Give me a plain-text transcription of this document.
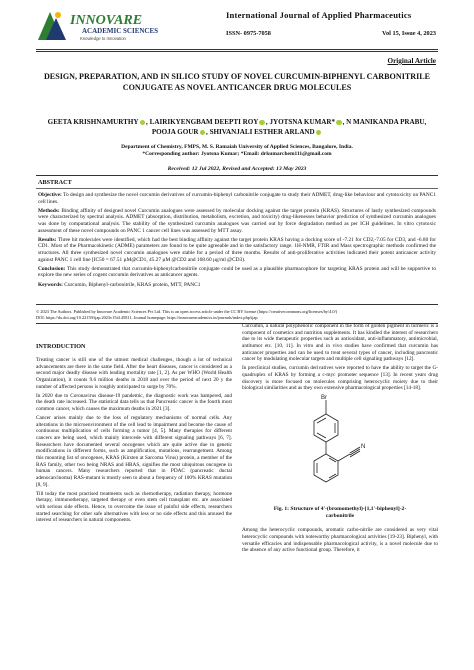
INNOVARE
ACADEMIC SCIENCES
Knowledge to Innovation
International Journal of Applied Pharmaceutics
ISSN- 0975-7058	Vol 15, Issue 4, 2023
Original Article
DESIGN, PREPARATION, AND IN SILICO STUDY OF NOVEL CURCUMIN-BIPHENYL CARBONITRILE CONJUGATE AS NOVEL ANTICANCER DRUG MOLECULES
GEETA KRISHNAMURTHY , LAIRIKYENGBAM DEEPTI ROY , JYOTSNA KUMAR* , N MANIKANDA PRABU,
POOJA GOUR , SHIVANJALI ESTHER ARLAND
Department of Chemistry, FMPS, M. S. Ramaiah University of Applied Sciences, Bangalore, India.
*Corresponding author: Jyotsna Kumar; *Email: drkumarchem111@gmail.com
Received: 12 Jul 2022, Revised and Accepted: 13 May 2023
ABSTRACT

Objective: To design and synthesize the novel curcumin derivatives of curcumin-biphenyl carbonitrile conjugate to study their ADMET, drug-like behaviour and cytotoxicity on PANC1 cell lines.

Methods: Binding affinity of designed novel Curcumin analogues were assessed by molecular docking against the target protein (KRAS). Structures of lastly synthesized compounds were characterized by spectral analysis. ADMET (absorption, distribution, metabolism, excretion, and toxicity) drug-likenesses behavior prediction of synthesized curcumin analogues was done by computational analysis. The stability of the synthesized curcumin analogues was carried out by force degradation method as per ICH guidelines. In vitro cytotoxic assessment of these novel compounds on PANC 1 cancer cell lines was assessed by MTT assay.

Results: Three hit molecules were identified, which had the best binding affinity against the target protein KRAS having a docking score of -7.21 for CD2,-7.05 for CD3, and -6.80 for CD1. Most of the Pharmacokinetic (ADME) parameters are found to be quite agreeable and in the satisfactory range. 1H-NMR, FTIR and Mass spectrographic methods confirmed the structures. All three synthesized novel curcumin analogues were stable for a period of three months. Results of anti-proliferative activities indicated their potent anticancer activity against PANC 1 cell line [IC50 = 67.51 µM@CD1, 45.27 µM @CD2 and 168.60 µg/ml @CD3).

Conclusion: This study demonstrated that curcumin-biphenylcarbonitrile conjugate could be used as a plausible pharmacophore for targeting KRAS protein and will be supportive to explore the new series of cogent curcumin derivatives as anticancer agents.

Keywords: Curcumin, Biphenyl-carbonitrile, KRAS protein, MTT, PANC1

© 2023 The Authors. Published by Innovare Academic Sciences Pvt Ltd. This is an open access article under the CC BY license (https://creativecommons.org/licenses/by/4.0/)
DOI: https://dx.doi.org/10.22159/ijap.2023v15i4.45811. Journal homepage: https://innovareacademics.in/journals/index.php/ijap
INTRODUCTION
Treating cancer is still one of the utmost medical challenges, though a lot of technical advancements are there in the same field. After the heart diseases, cancer is considered as a second major deadly disease with leading mortality rate [1, 2]. As per WHO (World Health Organization), it counts 9.6 million deaths in 2018 and over the period of next 20 y the number of affected persons is roughly anticipated to surge by 70%.
In 2020 due to Coronavirus disease-19 pandemic, the diagnostic work was hampered, and the death rate increased. The statistical data tells us that Pancreatic cancer is the fourth most common cancer, which causes the maximum deaths in 2021 [3].
Cancer arises mainly due to the loss of regulatory mechanisms of normal cells. Any alterations in the microenvironment of the cell lead to impairment and become the cause of continuous multiplication of cells forming a tumor [4, 5]. Many therapies for different cancers are being used, which mainly intercede with different signaling pathways [6, 7]. Researchers have documented several oncogenes which are quite active due to genetic modifications in different forms, such as amplification, mutations, rearrangement. Among this mounting list of oncogenes, KRAS (Kirsten at Sarcoma Virus) protein, a member of the RAS family, other two being NRAS and HRAS, signifies the most ubiquitous oncogene in human cancers. Many researchers reported that in PDAC (pancreatic ductal adenocarcinoma) RAS-mutant is mostly seen to about a frequency of 100% KRAS mutation [8, 9].
Till today the most practised treatments such as chemotherapy, radiation therapy, hormone therapy, immunotherapy, targeted therapy or even stem cell transplant etc. are associated with serious side effects. Hence, to overcome the issue of painful side effects, researchers started searching for other safe alternatives with less or no side effects and this aroused the interest of researchers in natural components.
Curcumin, a natural polyphenolic component in the form of golden pigment in turmeric is a component of cosmetics and nutrition supplements. It has kindled the interest of researchers due to its wide therapeutic properties such as antioxidant, anti-inflammatory, antimicrobial, antitumor etc. [10, 11]. In vitro and in vivo studies have confirmed that curcumin has anticancer properties and can be used to treat several types of cancer, including pancreatic cancer by modulating molecular targets and multiple cell signaling pathways [12].
In preclinical studies, curcumin derivatives were reported to have the ability to target the G-quadruplex of KRAS by forming a c-myc promoter sequence [13]. In recent years drug discovery is more focused on molecules comprising heterocyclic moiety due to their biological similarities and as they own extensive pharmacological properties [14-18].
Br
N
Fig. 1: Structure of 4'-(bromomethyl)-[1,1'-biphenyl]-2-
carbonitrile
Among the heterocyclic compounds, aromatic carbo-nitrile are considered as very vital heterocyclic compounds with noteworthy pharmacological activities [19-23]. Biphenyl, with versatile efficacies and indispensable pharmacological activity, is a novel molecule due to the absence of any active functional group. Therefore, it
